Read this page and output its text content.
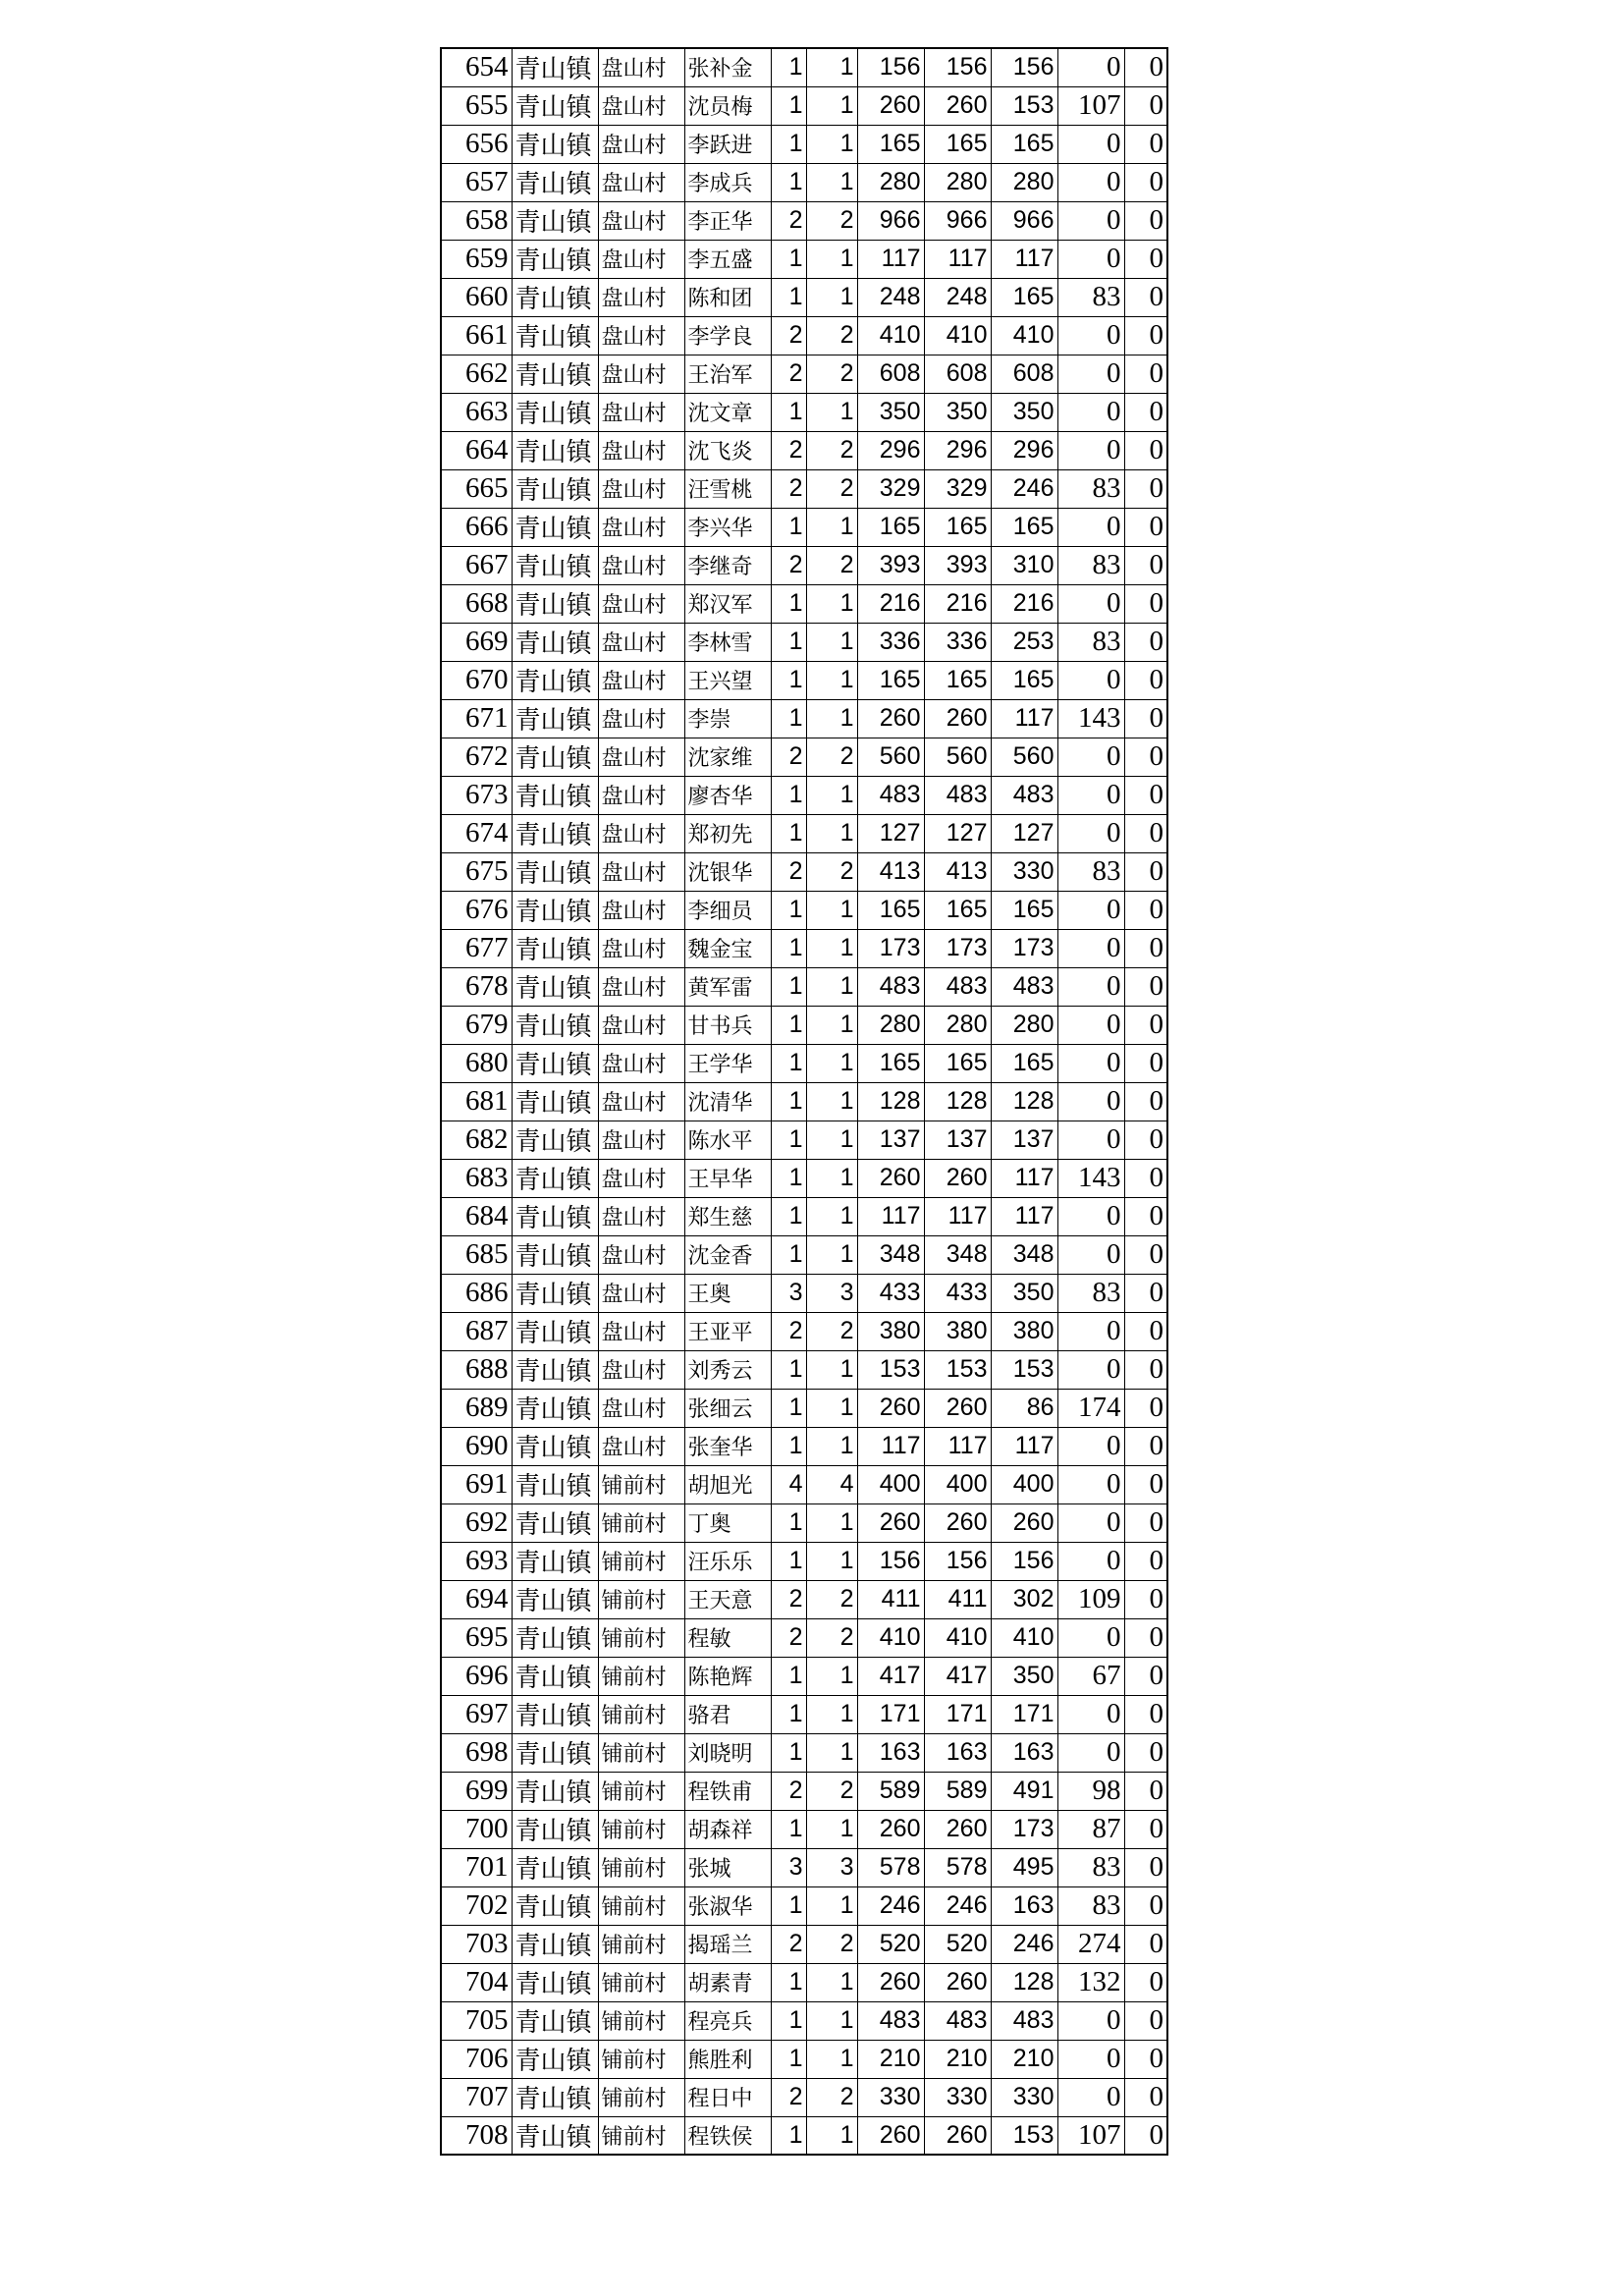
654	青山镇	盘山村	张补金	1	1	156	156	156	0	0
655	青山镇	盘山村	沈员梅	1	1	260	260	153	107	0
656	青山镇	盘山村	李跃进	1	1	165	165	165	0	0
657	青山镇	盘山村	李成兵	1	1	280	280	280	0	0
658	青山镇	盘山村	李正华	2	2	966	966	966	0	0
659	青山镇	盘山村	李五盛	1	1	117	117	117	0	0
660	青山镇	盘山村	陈和团	1	1	248	248	165	83	0
661	青山镇	盘山村	李学良	2	2	410	410	410	0	0
662	青山镇	盘山村	王治军	2	2	608	608	608	0	0
663	青山镇	盘山村	沈文章	1	1	350	350	350	0	0
664	青山镇	盘山村	沈飞炎	2	2	296	296	296	0	0
665	青山镇	盘山村	汪雪桃	2	2	329	329	246	83	0
666	青山镇	盘山村	李兴华	1	1	165	165	165	0	0
667	青山镇	盘山村	李继奇	2	2	393	393	310	83	0
668	青山镇	盘山村	郑汉军	1	1	216	216	216	0	0
669	青山镇	盘山村	李林雪	1	1	336	336	253	83	0
670	青山镇	盘山村	王兴望	1	1	165	165	165	0	0
671	青山镇	盘山村	李崇	1	1	260	260	117	143	0
672	青山镇	盘山村	沈家维	2	2	560	560	560	0	0
673	青山镇	盘山村	廖杏华	1	1	483	483	483	0	0
674	青山镇	盘山村	郑初先	1	1	127	127	127	0	0
675	青山镇	盘山村	沈银华	2	2	413	413	330	83	0
676	青山镇	盘山村	李细员	1	1	165	165	165	0	0
677	青山镇	盘山村	魏金宝	1	1	173	173	173	0	0
678	青山镇	盘山村	黄军雷	1	1	483	483	483	0	0
679	青山镇	盘山村	甘书兵	1	1	280	280	280	0	0
680	青山镇	盘山村	王学华	1	1	165	165	165	0	0
681	青山镇	盘山村	沈清华	1	1	128	128	128	0	0
682	青山镇	盘山村	陈水平	1	1	137	137	137	0	0
683	青山镇	盘山村	王早华	1	1	260	260	117	143	0
684	青山镇	盘山村	郑生慈	1	1	117	117	117	0	0
685	青山镇	盘山村	沈金香	1	1	348	348	348	0	0
686	青山镇	盘山村	王奥	3	3	433	433	350	83	0
687	青山镇	盘山村	王亚平	2	2	380	380	380	0	0
688	青山镇	盘山村	刘秀云	1	1	153	153	153	0	0
689	青山镇	盘山村	张细云	1	1	260	260	86	174	0
690	青山镇	盘山村	张奎华	1	1	117	117	117	0	0
691	青山镇	铺前村	胡旭光	4	4	400	400	400	0	0
692	青山镇	铺前村	丁奥	1	1	260	260	260	0	0
693	青山镇	铺前村	汪乐乐	1	1	156	156	156	0	0
694	青山镇	铺前村	王天意	2	2	411	411	302	109	0
695	青山镇	铺前村	程敏	2	2	410	410	410	0	0
696	青山镇	铺前村	陈艳辉	1	1	417	417	350	67	0
697	青山镇	铺前村	骆君	1	1	171	171	171	0	0
698	青山镇	铺前村	刘晓明	1	1	163	163	163	0	0
699	青山镇	铺前村	程铁甫	2	2	589	589	491	98	0
700	青山镇	铺前村	胡森祥	1	1	260	260	173	87	0
701	青山镇	铺前村	张城	3	3	578	578	495	83	0
702	青山镇	铺前村	张淑华	1	1	246	246	163	83	0
703	青山镇	铺前村	揭瑶兰	2	2	520	520	246	274	0
704	青山镇	铺前村	胡素青	1	1	260	260	128	132	0
705	青山镇	铺前村	程亮兵	1	1	483	483	483	0	0
706	青山镇	铺前村	熊胜利	1	1	210	210	210	0	0
707	青山镇	铺前村	程日中	2	2	330	330	330	0	0
708	青山镇	铺前村	程铁侯	1	1	260	260	153	107	0
